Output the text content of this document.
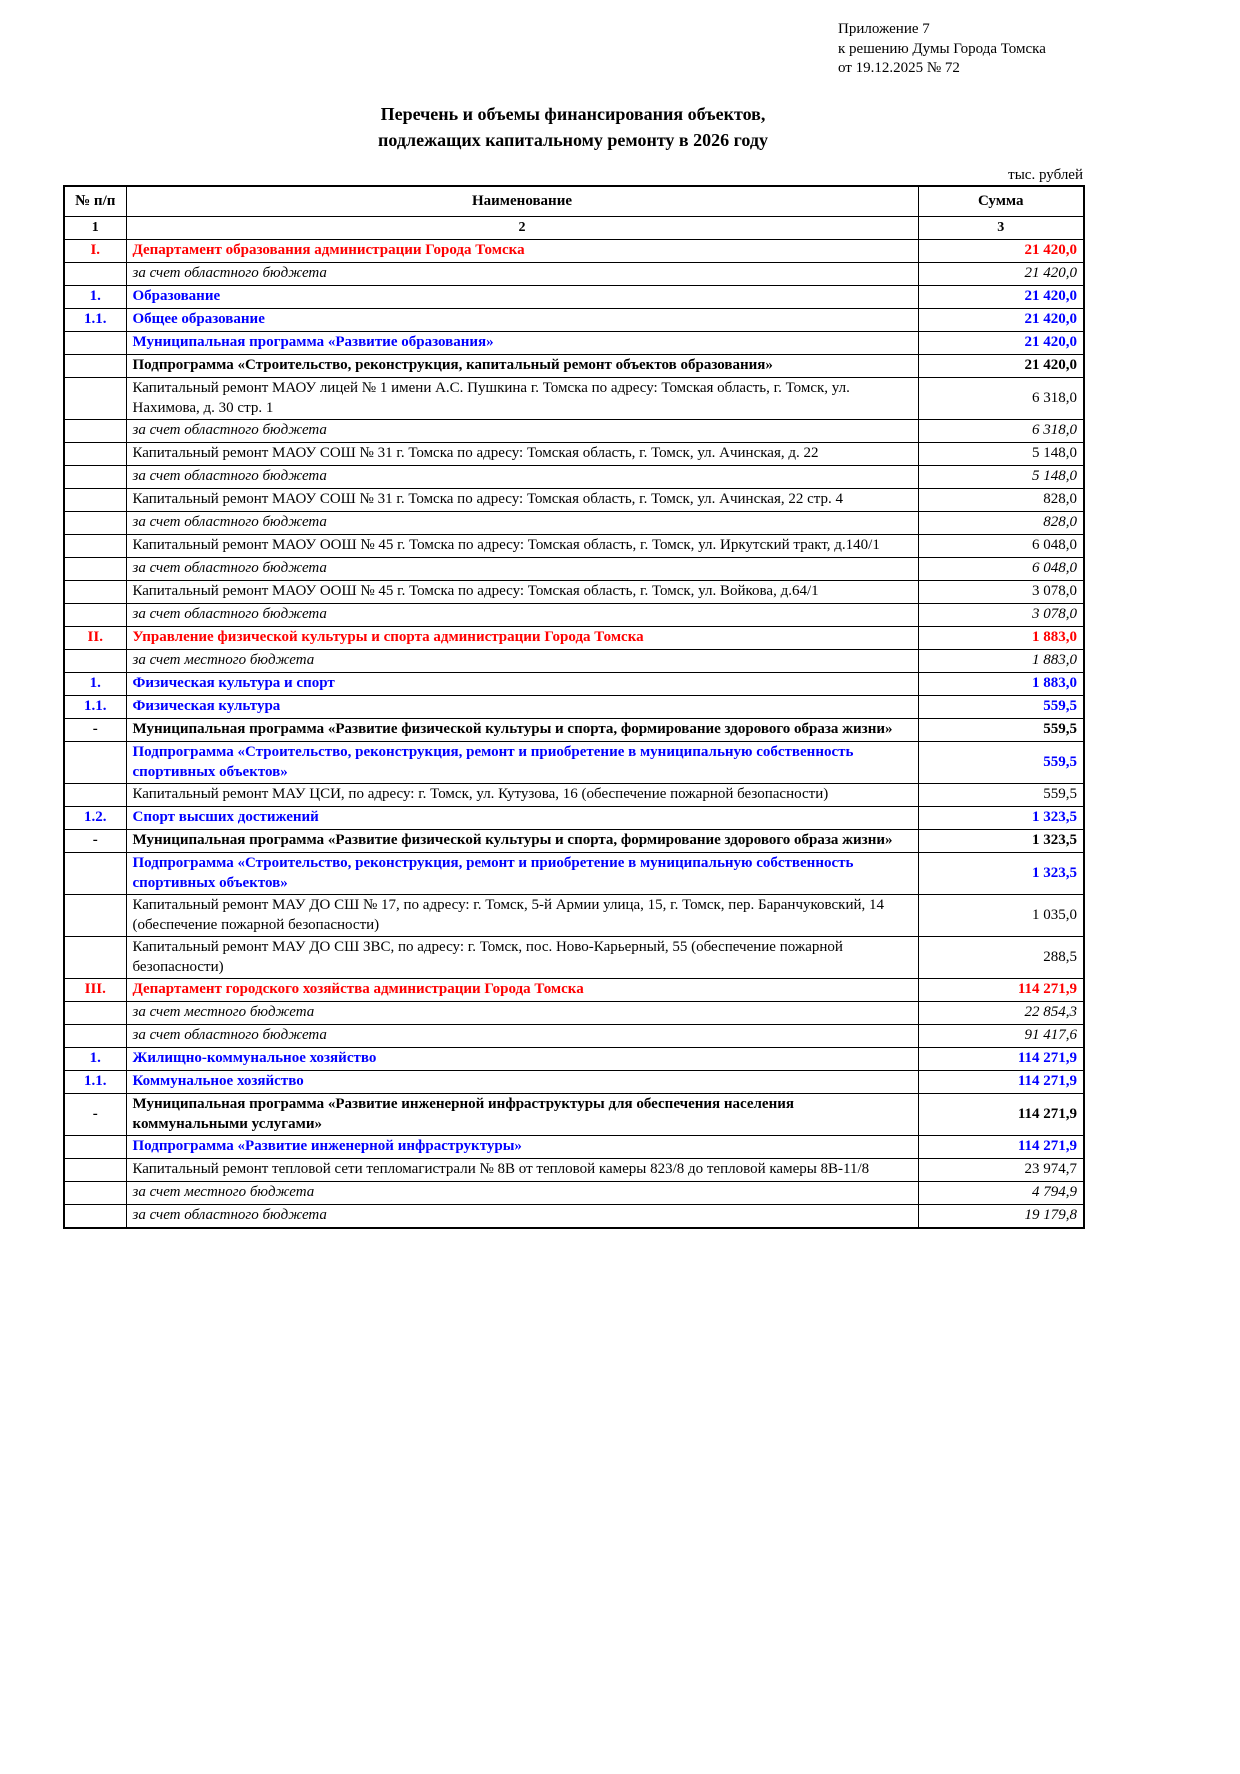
Приложение 7
к решению Думы Города Томска
от 19.12.2025 № 72
Перечень и объемы финансирования объектов,
подлежащих капитальному ремонту в 2026 году
тыс. рублей
№ п/п	Наименование	Сумма
1	2	3
I.	Департамент образования администрации Города Томска	21 420,0
	за счет областного бюджета	21 420,0
1.	Образование	21 420,0
1.1.	Общее образование	21 420,0
	Муниципальная программа «Развитие образования»	21 420,0
	Подпрограмма «Строительство, реконструкция, капитальный ремонт объектов образования»	21 420,0
	Капитальный ремонт МАОУ лицей № 1 имени А.С. Пушкина г. Томска по адресу: Томская область, г. Томск, ул. Нахимова, д. 30 стр. 1	6 318,0
	за счет областного бюджета	6 318,0
	Капитальный ремонт МАОУ СОШ № 31 г. Томска по адресу: Томская область, г. Томск, ул. Ачинская, д. 22	5 148,0
	за счет областного бюджета	5 148,0
	Капитальный ремонт МАОУ СОШ № 31 г. Томска по адресу: Томская область, г. Томск, ул. Ачинская, 22 стр. 4	828,0
	за счет областного бюджета	828,0
	Капитальный ремонт МАОУ ООШ № 45 г. Томска по адресу: Томская область, г. Томск, ул. Иркутский тракт, д.140/1	6 048,0
	за счет областного бюджета	6 048,0
	Капитальный ремонт МАОУ ООШ № 45 г. Томска по адресу: Томская область, г. Томск, ул. Войкова, д.64/1	3 078,0
	за счет областного бюджета	3 078,0
II.	Управление физической культуры и спорта администрации Города Томска	1 883,0
	за счет местного бюджета	1 883,0
1.	Физическая культура и спорт	1 883,0
1.1.	Физическая культура	559,5
-	Муниципальная программа «Развитие физической культуры и спорта, формирование здорового образа жизни»	559,5
	Подпрограмма «Строительство, реконструкция, ремонт и приобретение в муниципальную собственность спортивных объектов»	559,5
	Капитальный ремонт МАУ ЦСИ, по адресу: г. Томск, ул. Кутузова, 16 (обеспечение пожарной безопасности)	559,5
1.2.	Спорт высших достижений	1 323,5
-	Муниципальная программа «Развитие физической культуры и спорта, формирование здорового образа жизни»	1 323,5
	Подпрограмма «Строительство, реконструкция, ремонт и приобретение в муниципальную собственность спортивных объектов»	1 323,5
	Капитальный ремонт МАУ ДО СШ № 17, по адресу: г. Томск, 5-й Армии улица, 15, г. Томск, пер. Баранчуковский, 14 (обеспечение пожарной безопасности)	1 035,0
	Капитальный ремонт МАУ ДО СШ ЗВС, по адресу: г. Томск, пос. Ново-Карьерный, 55 (обеспечение пожарной безопасности)	288,5
III.	Департамент городского хозяйства администрации Города Томска	114 271,9
	за счет местного бюджета	22 854,3
	за счет областного бюджета	91 417,6
1.	Жилищно-коммунальное хозяйство	114 271,9
1.1.	Коммунальное хозяйство	114 271,9
-	Муниципальная программа «Развитие инженерной инфраструктуры для обеспечения населения коммунальными услугами»	114 271,9
	Подпрограмма «Развитие инженерной инфраструктуры»	114 271,9
	Капитальный ремонт тепловой сети тепломагистрали № 8В от тепловой камеры 823/8 до тепловой камеры 8В-11/8	23 974,7
	за счет местного бюджета	4 794,9
	за счет областного бюджета	19 179,8
